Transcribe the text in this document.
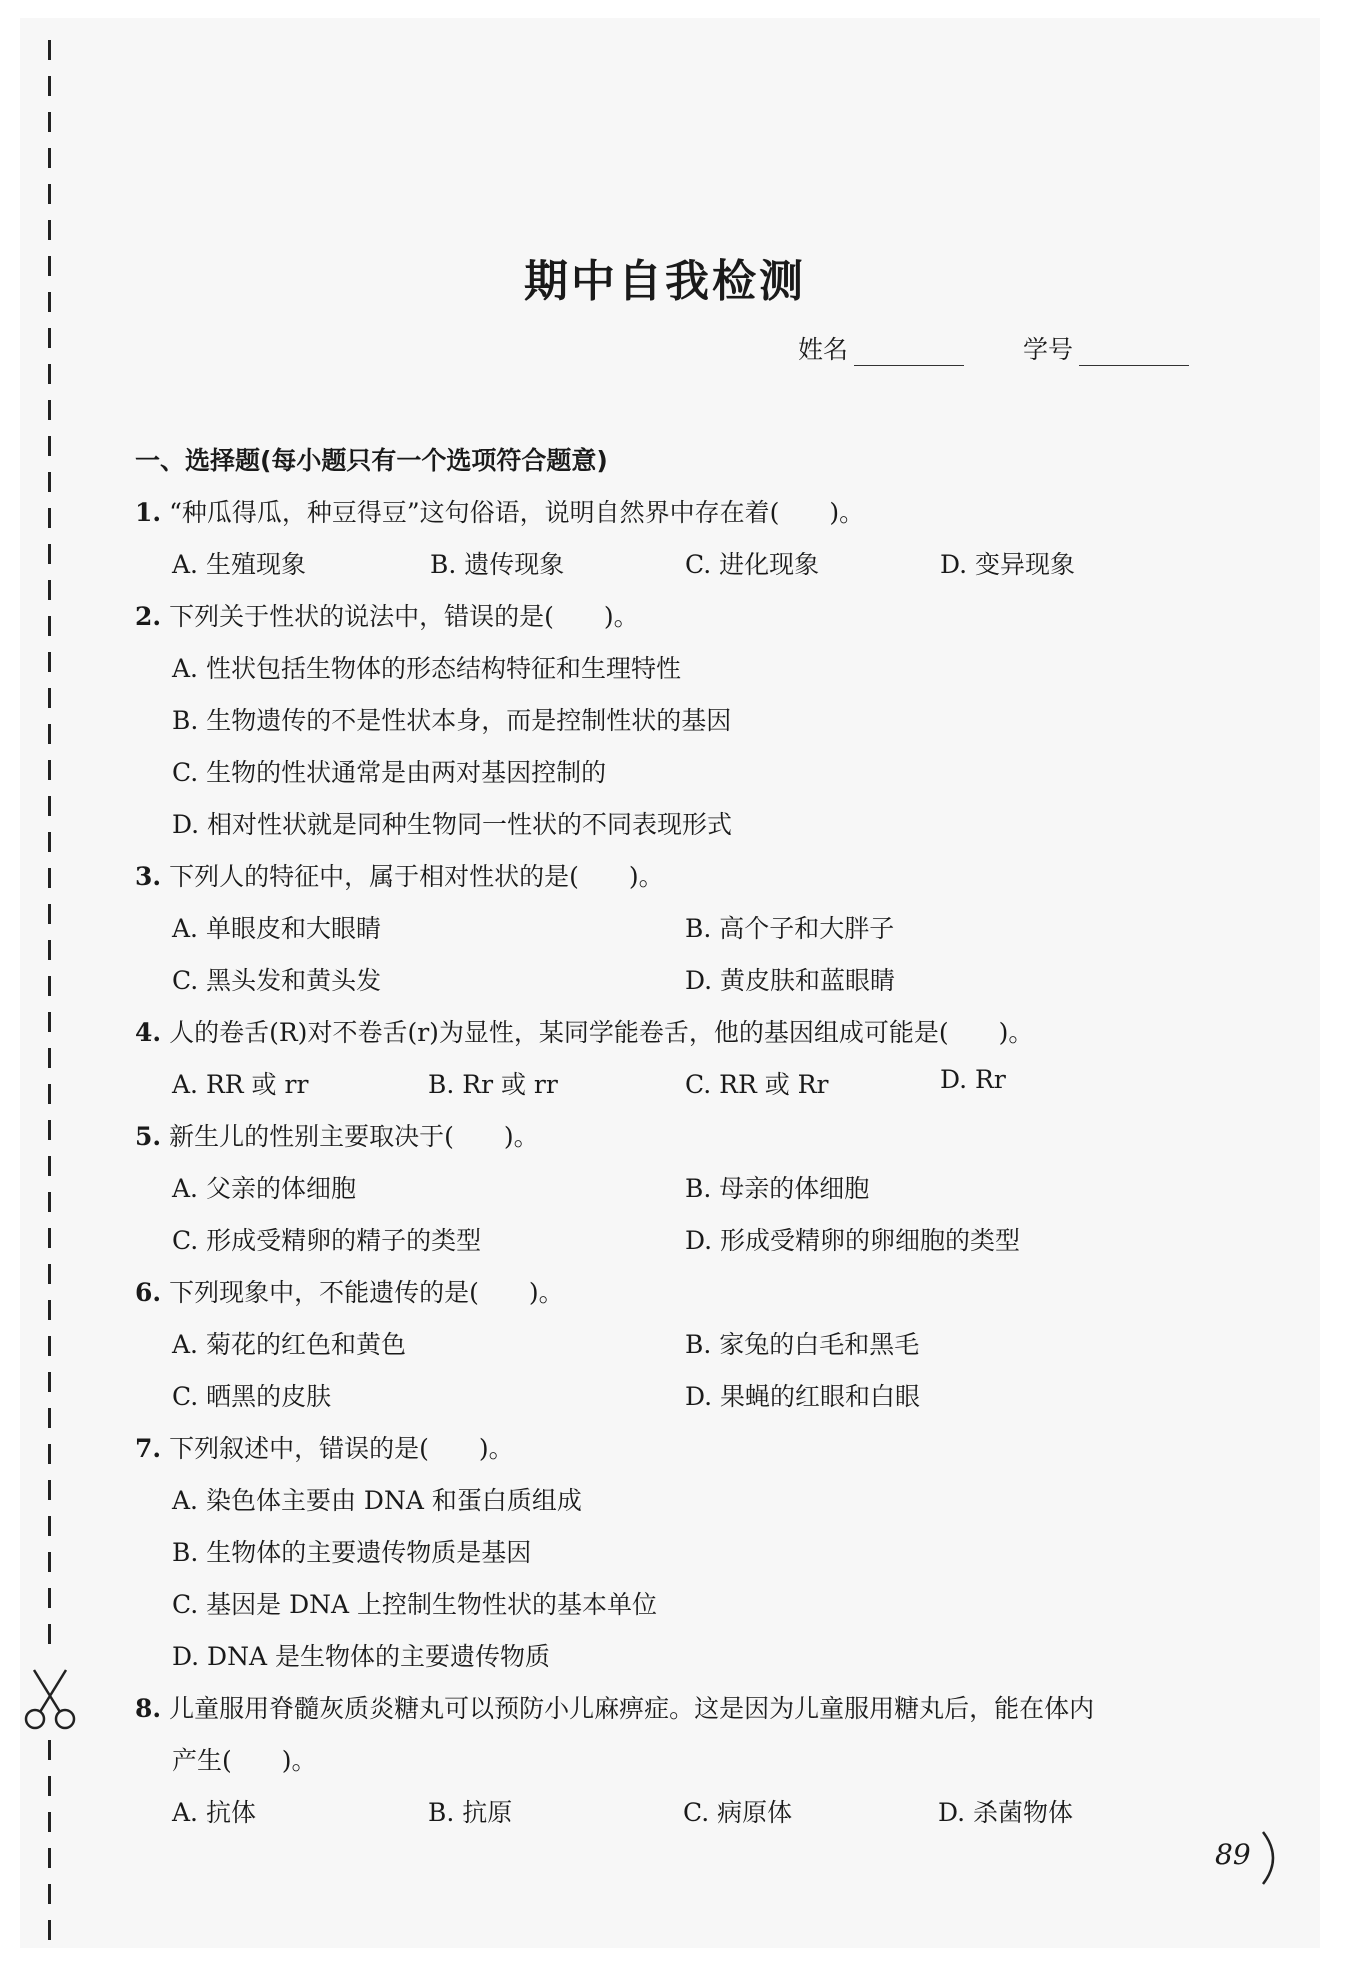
期中自我检测
姓名	学号
一、选择题(每小题只有一个选项符合题意)
1. “种瓜得瓜，种豆得豆”这句俗语，说明自然界中存在着(　　)。
A. 生殖现象	B. 遗传现象	C. 进化现象	D. 变异现象
2. 下列关于性状的说法中，错误的是(　　)。
A. 性状包括生物体的形态结构特征和生理特性
B. 生物遗传的不是性状本身，而是控制性状的基因
C. 生物的性状通常是由两对基因控制的
D. 相对性状就是同种生物同一性状的不同表现形式
3. 下列人的特征中，属于相对性状的是(　　)。
A. 单眼皮和大眼睛	B. 高个子和大胖子
C. 黑头发和黄头发	D. 黄皮肤和蓝眼睛
4. 人的卷舌(R)对不卷舌(r)为显性，某同学能卷舌，他的基因组成可能是(　　)。
A. RR 或 rr	B. Rr 或 rr	C. RR 或 Rr	D. Rr
5. 新生儿的性别主要取决于(　　)。
A. 父亲的体细胞	B. 母亲的体细胞
C. 形成受精卵的精子的类型	D. 形成受精卵的卵细胞的类型
6. 下列现象中，不能遗传的是(　　)。
A. 菊花的红色和黄色	B. 家兔的白毛和黑毛
C. 晒黑的皮肤	D. 果蝇的红眼和白眼
7. 下列叙述中，错误的是(　　)。
A. 染色体主要由 DNA 和蛋白质组成
B. 生物体的主要遗传物质是基因
C. 基因是 DNA 上控制生物性状的基本单位
D. DNA 是生物体的主要遗传物质
8. 儿童服用脊髓灰质炎糖丸可以预防小儿麻痹症。这是因为儿童服用糖丸后，能在体内
产生(　　)。
A. 抗体	B. 抗原	C. 病原体	D. 杀菌物体
89
